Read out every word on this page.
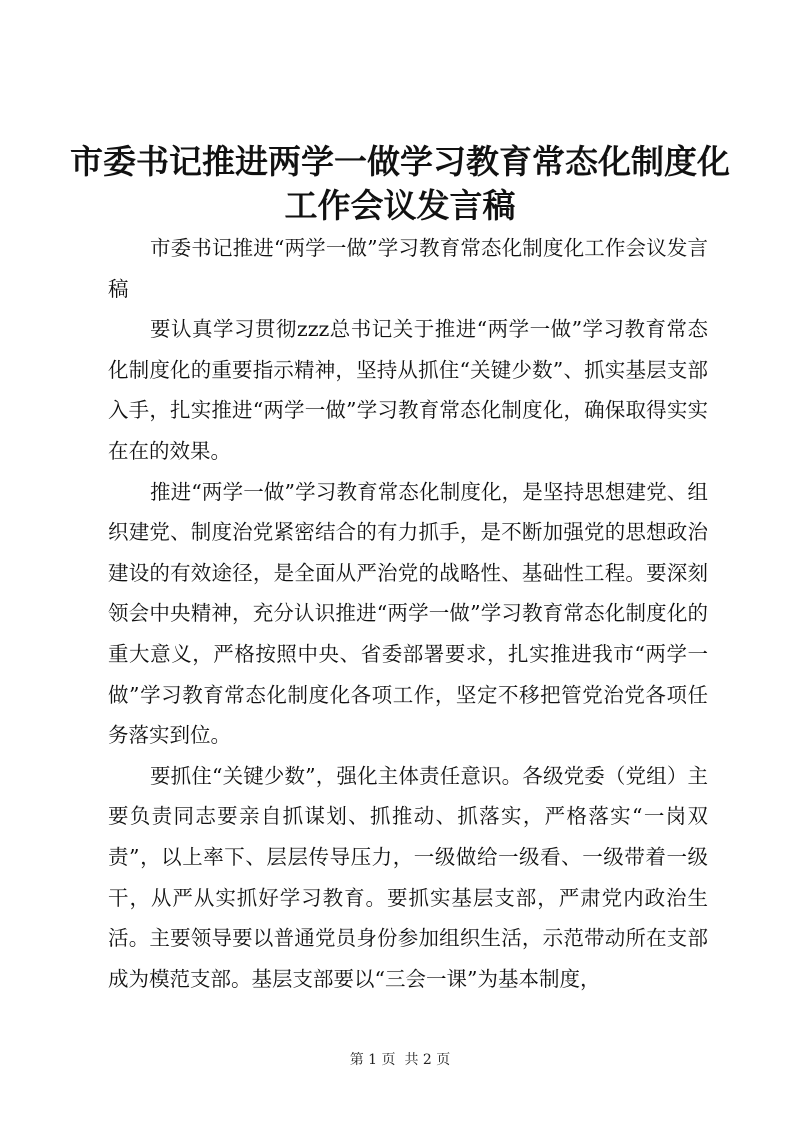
市委书记推进两学一做学习教育常态化制度化
工作会议发言稿

市委书记推进“两学一做”学习教育常态化制度化工作会议发言稿

要认真学习贯彻zzz总书记关于推进“两学一做”学习教育常态化制度化的重要指示精神，坚持从抓住“关键少数”、抓实基层支部入手，扎实推进“两学一做”学习教育常态化制度化，确保取得实实在在的效果。

推进“两学一做”学习教育常态化制度化，是坚持思想建党、组织建党、制度治党紧密结合的有力抓手，是不断加强党的思想政治建设的有效途径，是全面从严治党的战略性、基础性工程。要深刻领会中央精神，充分认识推进“两学一做”学习教育常态化制度化的重大意义，严格按照中央、省委部署要求，扎实推进我市“两学一做”学习教育常态化制度化各项工作，坚定不移把管党治党各项任务落实到位。

要抓住“关键少数”，强化主体责任意识。各级党委（党组）主要负责同志要亲自抓谋划、抓推动、抓落实，严格落实“一岗双责”，以上率下、层层传导压力，一级做给一级看、一级带着一级干，从严从实抓好学习教育。要抓实基层支部，严肃党内政治生活。主要领导要以普通党员身份参加组织生活，示范带动所在支部成为模范支部。基层支部要以“三会一课”为基本制度，

第 1 页  共 2 页
